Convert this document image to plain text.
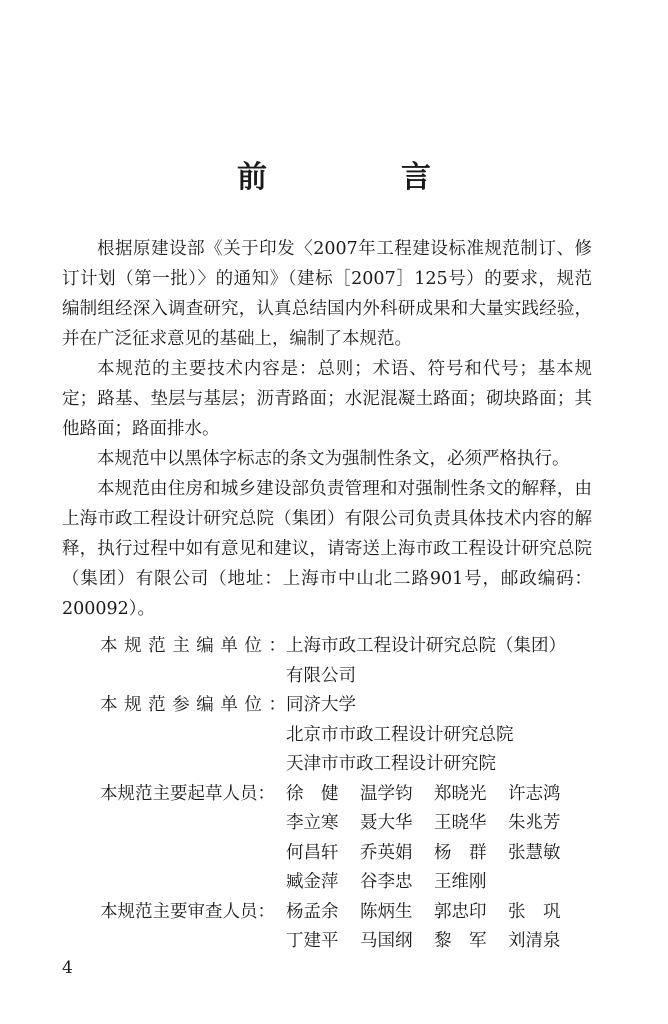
前　言

根据原建设部《关于印发〈2007年工程建设标准规范制订、修订计划（第一批）〉的通知》（建标［2007］125号）的要求，规范编制组经深入调查研究，认真总结国内外科研成果和大量实践经验，并在广泛征求意见的基础上，编制了本规范。

本规范的主要技术内容是：总则；术语、符号和代号；基本规定；路基、垫层与基层；沥青路面；水泥混凝土路面；砌块路面；其他路面；路面排水。

本规范中以黑体字标志的条文为强制性条文，必须严格执行。

本规范由住房和城乡建设部负责管理和对强制性条文的解释，由上海市政工程设计研究总院（集团）有限公司负责具体技术内容的解释，执行过程中如有意见和建议，请寄送上海市政工程设计研究总院（集团）有限公司（地址：上海市中山北二路901号，邮政编码：200092）。

本规范主编单位： 上海市政工程设计研究总院（集团）
有限公司
本规范参编单位： 同济大学
北京市市政工程设计研究总院
天津市市政工程设计研究院
本规范主要起草人员： 徐　健	温学钧	郑晓光	许志鸿
李立寒	聂大华	王晓华	朱兆芳
何昌轩	乔英娟	杨　群	张慧敏
臧金萍	谷李忠	王维刚
本规范主要审查人员： 杨孟余	陈炳生	郭忠印	张　巩
丁建平	马国纲	黎　军	刘清泉
4
